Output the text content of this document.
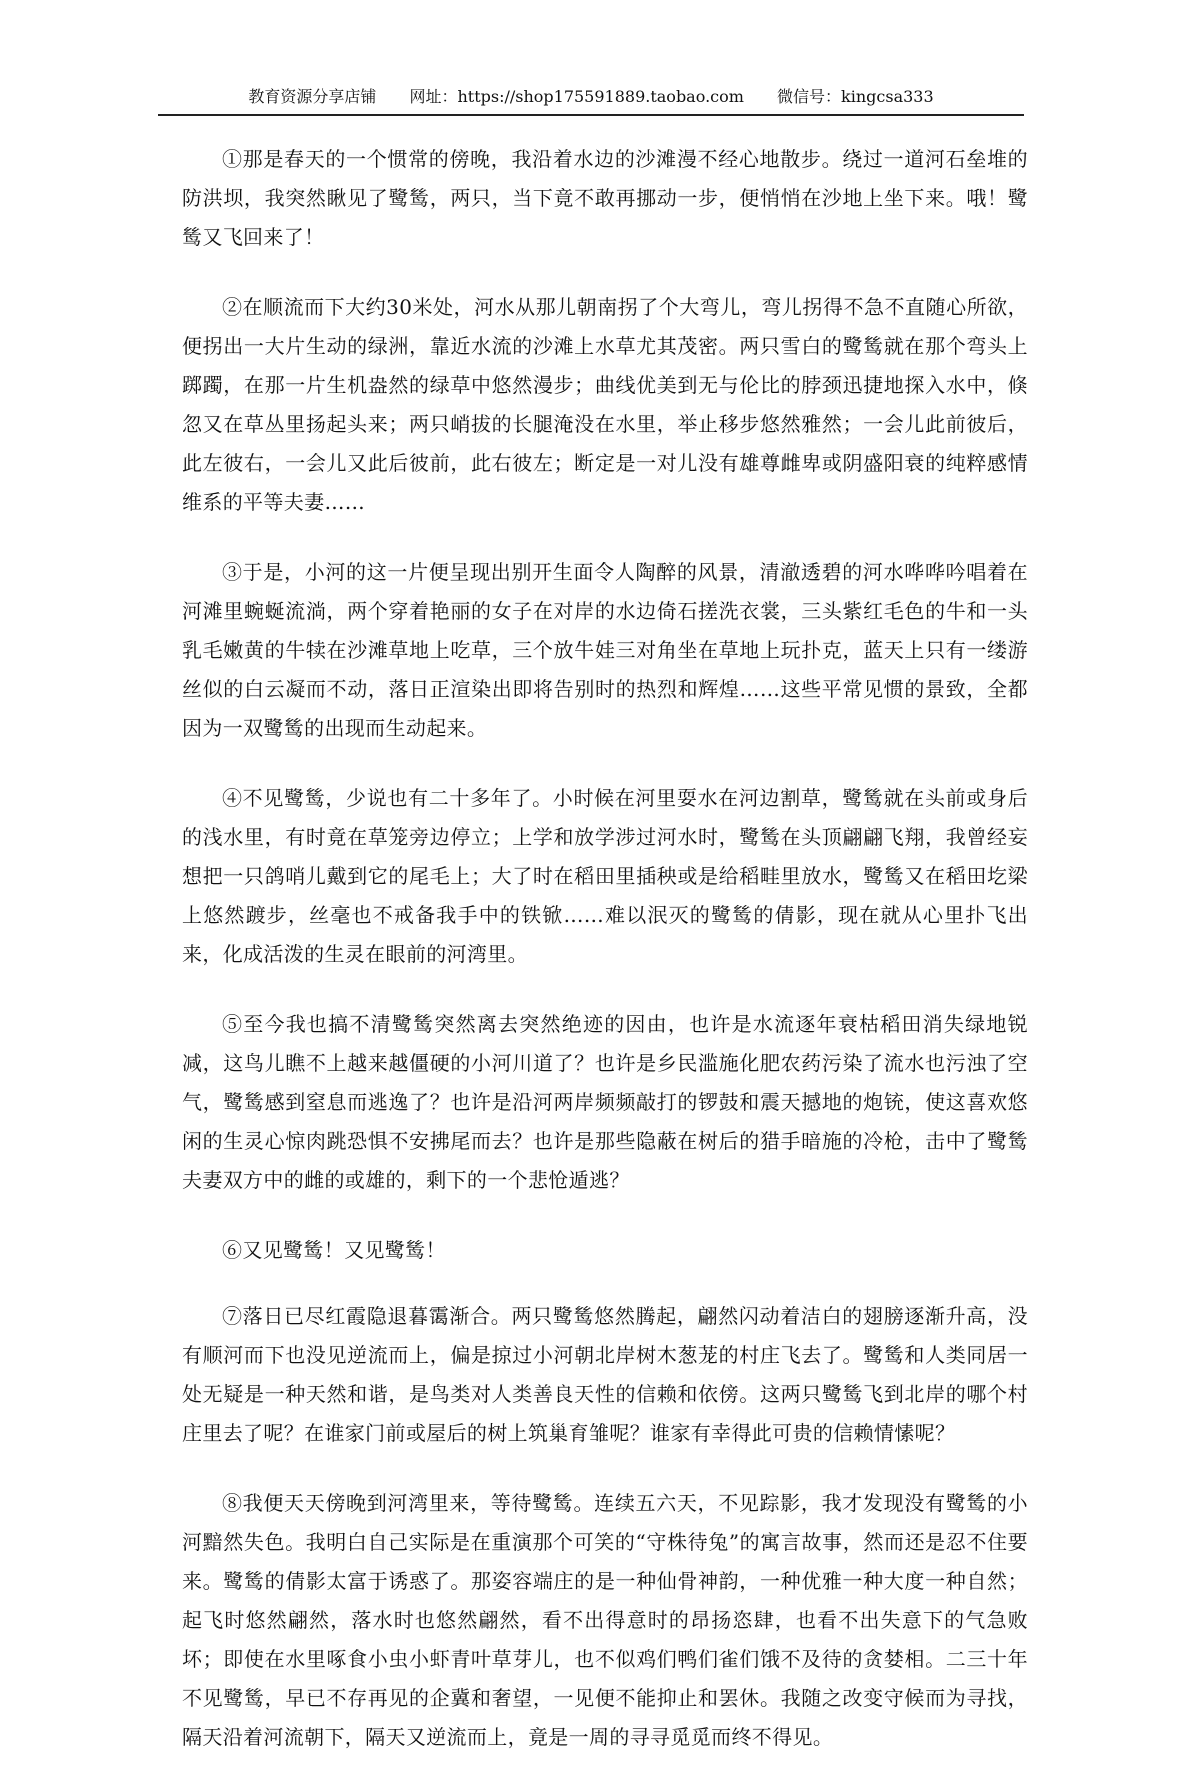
教育资源分享店铺 网址：https://shop175591889.taobao.com 微信号：kingcsa333

①那是春天的一个惯常的傍晚，我沿着水边的沙滩漫不经心地散步。绕过一道河石垒堆的防洪坝，我突然瞅见了鹭鸶，两只，当下竟不敢再挪动一步，便悄悄在沙地上坐下来。哦！鹭鸶又飞回来了！

②在顺流而下大约30米处，河水从那儿朝南拐了个大弯儿，弯儿拐得不急不直随心所欲，便拐出一大片生动的绿洲，靠近水流的沙滩上水草尤其茂密。两只雪白的鹭鸶就在那个弯头上踯躅，在那一片生机盎然的绿草中悠然漫步；曲线优美到无与伦比的脖颈迅捷地探入水中，倏忽又在草丛里扬起头来；两只峭拔的长腿淹没在水里，举止移步悠然雅然；一会儿此前彼后，此左彼右，一会儿又此后彼前，此右彼左；断定是一对儿没有雄尊雌卑或阴盛阳衰的纯粹感情维系的平等夫妻……

③于是，小河的这一片便呈现出别开生面令人陶醉的风景，清澈透碧的河水哗哗吟唱着在河滩里蜿蜒流淌，两个穿着艳丽的女子在对岸的水边倚石搓洗衣裳，三头紫红毛色的牛和一头乳毛嫩黄的牛犊在沙滩草地上吃草，三个放牛娃三对角坐在草地上玩扑克，蓝天上只有一缕游丝似的白云凝而不动，落日正渲染出即将告别时的热烈和辉煌……这些平常见惯的景致，全都因为一双鹭鸶的出现而生动起来。

④不见鹭鸶，少说也有二十多年了。小时候在河里耍水在河边割草，鹭鸶就在头前或身后的浅水里，有时竟在草笼旁边停立；上学和放学涉过河水时，鹭鸶在头顶翩翩飞翔，我曾经妄想把一只鸽哨儿戴到它的尾毛上；大了时在稻田里插秧或是给稻畦里放水，鹭鸶又在稻田圪梁上悠然踱步，丝毫也不戒备我手中的铁锨……难以泯灭的鹭鸶的倩影，现在就从心里扑飞出来，化成活泼的生灵在眼前的河湾里。

⑤至今我也搞不清鹭鸶突然离去突然绝迹的因由，也许是水流逐年衰枯稻田消失绿地锐减，这鸟儿瞧不上越来越僵硬的小河川道了？也许是乡民滥施化肥农药污染了流水也污浊了空气，鹭鸶感到窒息而逃逸了？也许是沿河两岸频频敲打的锣鼓和震天撼地的炮铳，使这喜欢悠闲的生灵心惊肉跳恐惧不安拂尾而去？也许是那些隐蔽在树后的猎手暗施的冷枪，击中了鹭鸶夫妻双方中的雌的或雄的，剩下的一个悲怆遁逃？

⑥又见鹭鸶！又见鹭鸶！

⑦落日已尽红霞隐退暮霭渐合。两只鹭鸶悠然腾起，翩然闪动着洁白的翅膀逐渐升高，没有顺河而下也没见逆流而上，偏是掠过小河朝北岸树木葱茏的村庄飞去了。鹭鸶和人类同居一处无疑是一种天然和谐，是鸟类对人类善良天性的信赖和依傍。这两只鹭鸶飞到北岸的哪个村庄里去了呢？在谁家门前或屋后的树上筑巢育雏呢？谁家有幸得此可贵的信赖情愫呢？

⑧我便天天傍晚到河湾里来，等待鹭鸶。连续五六天，不见踪影，我才发现没有鹭鸶的小河黯然失色。我明白自己实际是在重演那个可笑的“守株待兔”的寓言故事，然而还是忍不住要来。鹭鸶的倩影太富于诱惑了。那姿容端庄的是一种仙骨神韵，一种优雅一种大度一种自然；起飞时悠然翩然，落水时也悠然翩然，看不出得意时的昂扬恣肆，也看不出失意下的气急败坏；即使在水里啄食小虫小虾青叶草芽儿，也不似鸡们鸭们雀们饿不及待的贪婪相。二三十年不见鹭鸶，早已不存再见的企冀和奢望，一见便不能抑止和罢休。我随之改变守候而为寻找，隔天沿着河流朝下，隔天又逆流而上，竟是一周的寻寻觅觅而终不得见。
